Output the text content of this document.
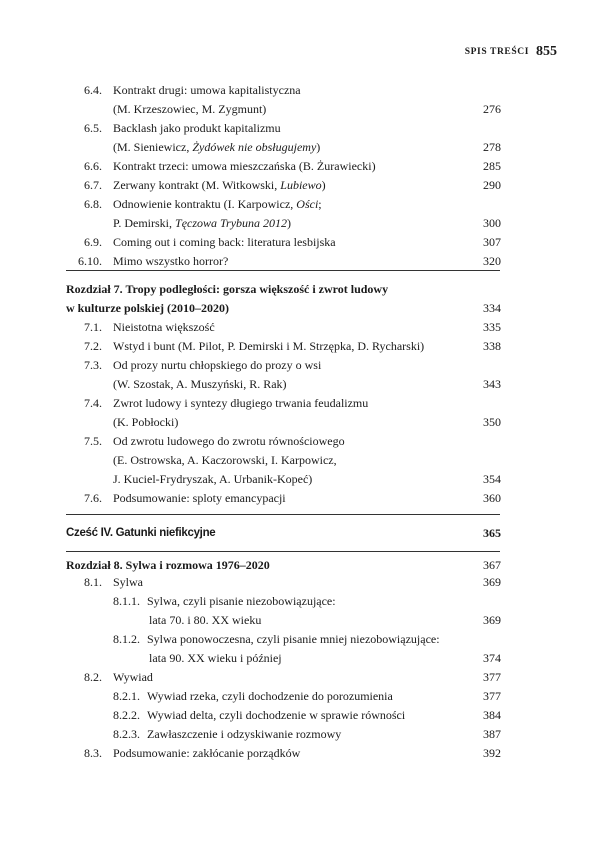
SPIS TREŚCI 855
6.4. Kontrakt drugi: umowa kapitalistyczna
(M. Krzeszowiec, M. Zygmunt)	276
6.5. Backlash jako produkt kapitalizmu
(M. Sieniewicz, Żydówek nie obsługujemy)	278
6.6. Kontrakt trzeci: umowa mieszczańska (B. Żurawiecki)	285
6.7. Zerwany kontrakt (M. Witkowski, Lubiewo)	290
6.8. Odnowienie kontraktu (I. Karpowicz, Ości;
P. Demirski, Tęczowa Trybuna 2012)	300
6.9. Coming out i coming back: literatura lesbijska	307
6.10. Mimo wszystko horror?	320
Rozdział 7. Tropy podległości: gorsza większość i zwrot ludowy
w kulturze polskiej (2010–2020)	334
7.1. Nieistotna większość	335
7.2. Wstyd i bunt (M. Pilot, P. Demirski i M. Strzępka, D. Rycharski)	338
7.3. Od prozy nurtu chłopskiego do prozy o wsi
(W. Szostak, A. Muszyński, R. Rak)	343
7.4. Zwrot ludowy i syntezy długiego trwania feudalizmu
(K. Pobłocki)	350
7.5. Od zwrotu ludowego do zwrotu równościowego
(E. Ostrowska, A. Kaczorowski, I. Karpowicz,
J. Kuciel-Frydryszak, A. Urbanik-Kopeć)	354
7.6. Podsumowanie: sploty emancypacji	360
Cześć IV. Gatunki niefikcyjne	365
Rozdział 8. Sylwa i rozmowa 1976–2020	367
8.1. Sylwa	369
8.1.1. Sylwa, czyli pisanie niezobowiązujące:
lata 70. i 80. XX wieku	369
8.1.2. Sylwa ponowoczesna, czyli pisanie mniej niezobowiązujące:
lata 90. XX wieku i później	374
8.2. Wywiad	377
8.2.1. Wywiad rzeka, czyli dochodzenie do porozumienia	377
8.2.2. Wywiad delta, czyli dochodzenie w sprawie równości	384
8.2.3. Zawłaszczenie i odzyskiwanie rozmowy	387
8.3. Podsumowanie: zakłócanie porządków	392
